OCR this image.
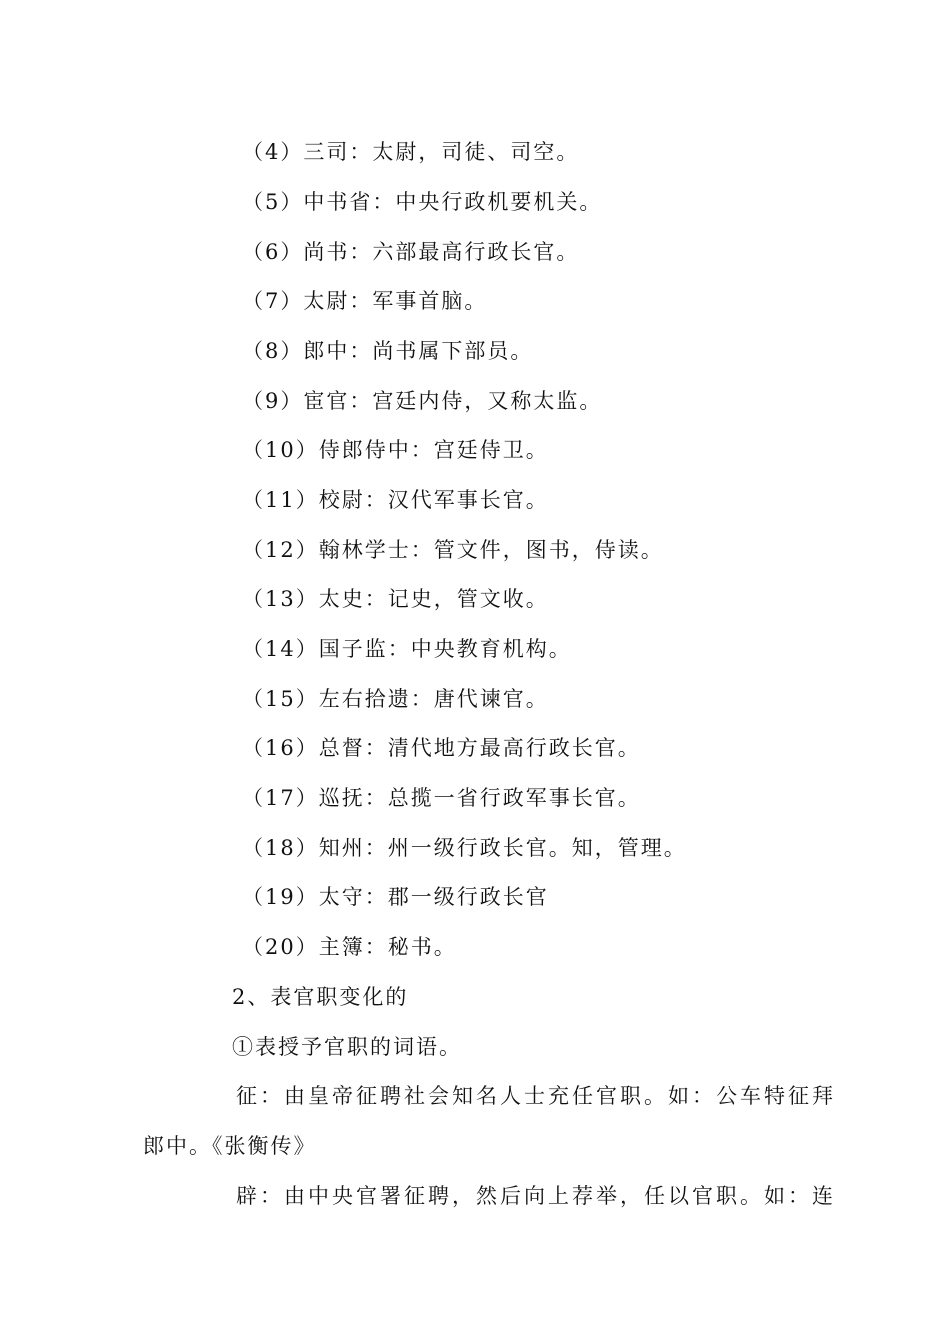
（4）三司：太尉，司徒、司空。
（5）中书省：中央行政机要机关。
（6）尚书：六部最高行政长官。
（7）太尉：军事首脑。
（8）郎中：尚书属下部员。
（9）宦官：宫廷内侍，又称太监。
（10）侍郎侍中：宫廷侍卫。
（11）校尉：汉代军事长官。
（12）翰林学士：管文件，图书，侍读。
（13）太史：记史，管文收。
（14）国子监：中央教育机构。
（15）左右拾遗：唐代谏官。
（16）总督：清代地方最高行政长官。
（17）巡抚：总揽一省行政军事长官。
（18）知州：州一级行政长官。知，管理。
（19）太守：郡一级行政长官
（20）主簿：秘书。
2、表官职变化的
①表授予官职的词语。
征：由皇帝征聘社会知名人士充任官职。如：公车特征拜
郎中。《张衡传》
辟：由中央官署征聘，然后向上荐举，任以官职。如：连
